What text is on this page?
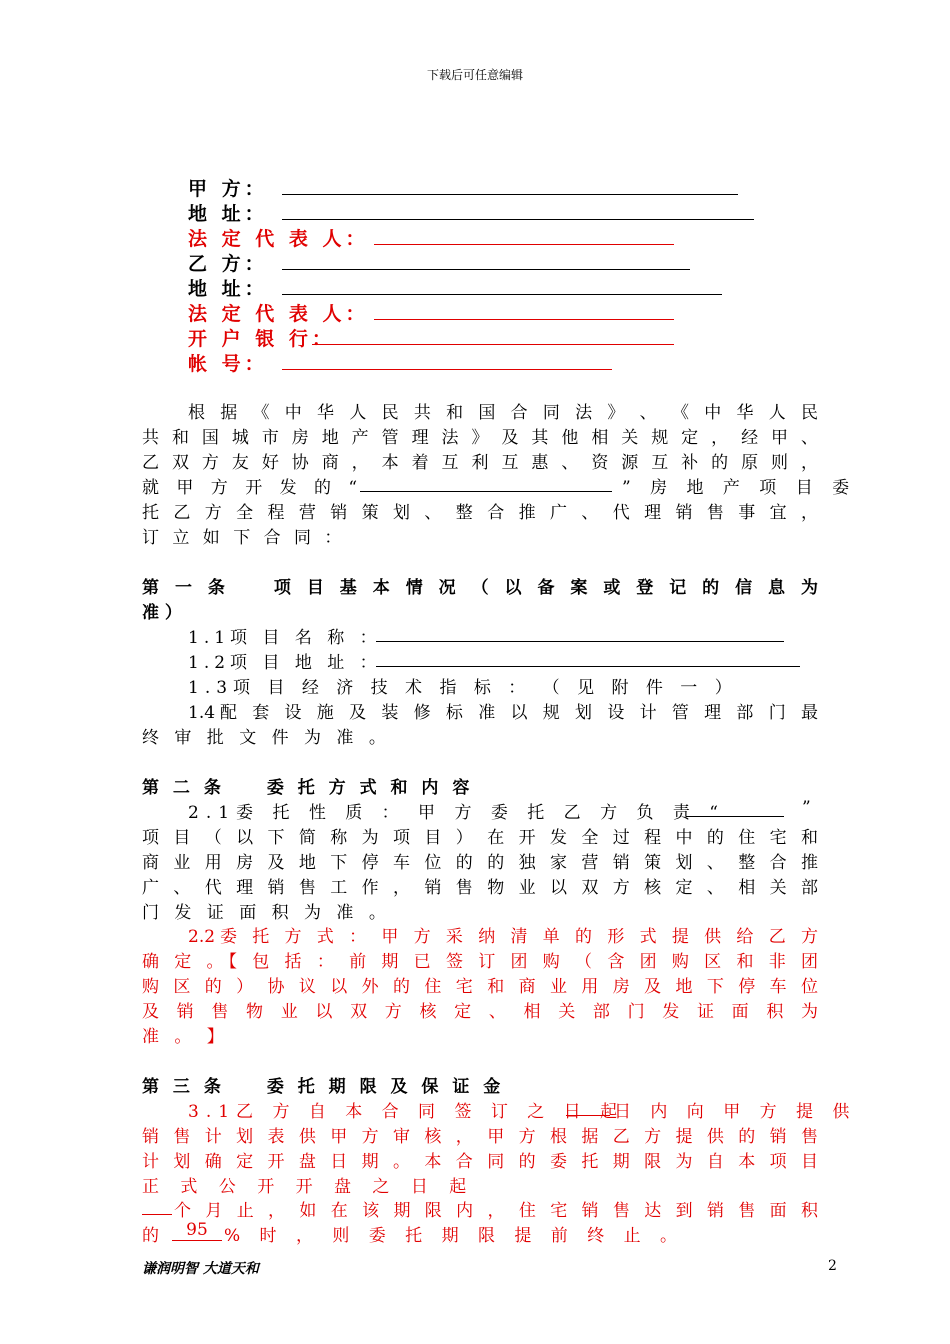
下载后可任意编辑
甲 方：
地 址：
法 定 代 表 人：
乙 方：
地 址：
法 定 代 表 人：
开 户 银 行：
帐 号：
根 据 《 中 华 人 民 共 和 国 合 同 法 》 、 《 中 华 人 民
共 和 国 城 市 房 地 产 管 理 法 》 及 其 他 相 关 规 定 ， 经 甲 、
乙 双 方 友 好 协 商 ， 本 着 互 利 互 惠 、 资 源 互 补 的 原 则 ，
就 甲 方 开 发 的 “	” 房 地 产 项 目 委
托 乙 方 全 程 营 销 策 划 、 整 合 推 广 、 代 理 销 售 事 宜 ，
订 立 如 下 合 同 ：
第 一 条　　项 目 基 本 情 况 （ 以 备 案 或 登 记 的 信 息 为
准 ）
1.1项 目 名 称 ：
1.2项 目 地 址 ：
1.3项 目 经 济 技 术 指 标 ： （ 见 附 件 一 ）
1.4配 套 设 施 及 装 修 标 准 以 规 划 设 计 管 理 部 门 最
终 审 批 文 件 为 准 。
第 二 条　　委 托 方 式 和 内 容
2.1委 托 性 质 ： 甲 方 委 托 乙 方 负 责 “	”
项 目 （ 以 下 简 称 为 项 目 ） 在 开 发 全 过 程 中 的 住 宅 和
商 业 用 房 及 地 下 停 车 位 的 的 独 家 营 销 策 划 、 整 合 推
广 、 代 理 销 售 工 作 ， 销 售 物 业 以 双 方 核 定 、 相 关 部
门 发 证 面 积 为 准 。
2.2委 托 方 式 ： 甲 方 采 纳 清 单 的 形 式 提 供 给 乙 方
确 定 。【 包 括 ： 前 期 已 签 订 团 购 （ 含 团 购 区 和 非 团
购 区 的 ） 协 议 以 外 的 住 宅 和 商 业 用 房 及 地 下 停 车 位
及 销 售 物 业 以 双 方 核 定 、 相 关 部 门 发 证 面 积 为
准 。 】
第 三 条　　委 托 期 限 及 保 证 金
3.1乙 方 自 本 合 同 签 订 之 日 起
日 内 向 甲 方 提 供
销 售 计 划 表 供 甲 方 审 核 ， 甲 方 根 据 乙 方 提 供 的 销 售
计 划 确 定 开 盘 日 期 。 本 合 同 的 委 托 期 限 为 自 本 项 目
正 式 公 开 开 盘 之 日 起
个 月 止 ， 如 在 该 期 限 内 ， 住 宅 销 售 达 到 销 售 面 积
的	95 % 时 ， 则 委 托 期 限 提 前 终 止 。
谦润明智 大道天和	2
